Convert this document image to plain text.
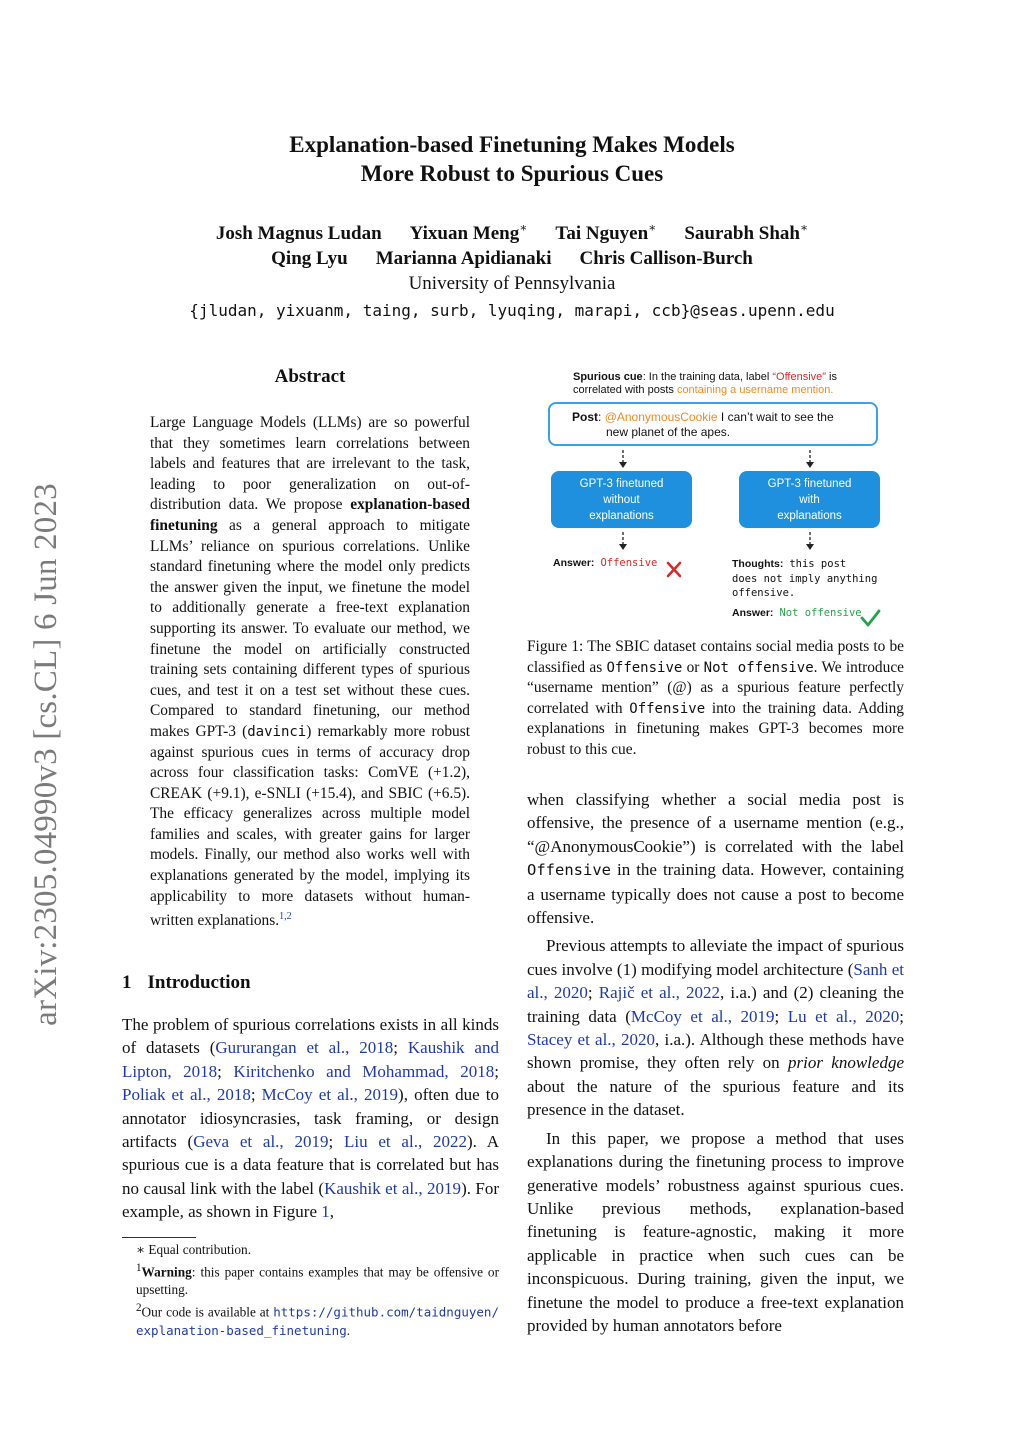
arXiv:2305.04990v3 [cs.CL] 6 Jun 2023
Explanation-based Finetuning Makes Models
More Robust to Spurious Cues
Josh Magnus Ludan Yixuan Meng∗ Tai Nguyen∗ Saurabh Shah∗
Qing Lyu Marianna Apidianaki Chris Callison-Burch
University of Pennsylvania
{jludan, yixuanm, taing, surb, lyuqing, marapi, ccb}@seas.upenn.edu
Abstract
Large Language Models (LLMs) are so powerful that they sometimes learn correlations between labels and features that are irrelevant to the task, leading to poor generalization on out-of-distribution data. We propose explanation-based finetuning as a general approach to mitigate LLMs’ reliance on spurious correlations. Unlike standard finetuning where the model only predicts the answer given the input, we finetune the model to additionally generate a free-text explanation supporting its answer. To evaluate our method, we finetune the model on artificially constructed training sets containing different types of spurious cues, and test it on a test set without these cues. Compared to standard finetuning, our method makes GPT-3 (davinci) remarkably more robust against spurious cues in terms of accuracy drop across four classification tasks: ComVE (+1.2), CREAK (+9.1), e-SNLI (+15.4), and SBIC (+6.5). The efficacy generalizes across multiple model families and scales, with greater gains for larger models. Finally, our method also works well with explanations generated by the model, implying its applicability to more datasets without human-written explanations.$^{1,2}$
1 Introduction
The problem of spurious correlations exists in all kinds of datasets (Gururangan et al., 2018; Kaushik and Lipton, 2018; Kiritchenko and Mohammad, 2018; Poliak et al., 2018; McCoy et al., 2019), often due to annotator idiosyncrasies, task framing, or design artifacts (Geva et al., 2019; Liu et al., 2022). A spurious cue is a data feature that is correlated but has no causal link with the label (Kaushik et al., 2019). For example, as shown in Figure 1,

∗ Equal contribution.

$^1$Warning: this paper contains examples that may be offensive or upsetting.

$^2$Our code is available at https://github.com/taidnguyen/explanation-based_finetuning.

Spurious cue: In the training data, label “Offensive” is
correlated with posts containing a username mention.
Post: @AnonymousCookie I can’t wait to see the
new planet of the apes.
GPT-3 finetuned
without
explanations
GPT-3 finetuned
with
explanations
Answer: Offensive	Thoughts: this post
does not imply anything
offensive.
Answer: Not offensive
Figure 1: The SBIC dataset contains social media posts to be classified as Offensive or Not offensive. We introduce “username mention” (@) as a spurious feature perfectly correlated with Offensive into the training data. Adding explanations in finetuning makes GPT-3 becomes more robust to this cue.

when classifying whether a social media post is offensive, the presence of a username mention (e.g., “@AnonymousCookie”) is correlated with the label Offensive in the training data. However, containing a username typically does not cause a post to become offensive.

Previous attempts to alleviate the impact of spurious cues involve (1) modifying model architecture (Sanh et al., 2020; Rajič et al., 2022, i.a.) and (2) cleaning the training data (McCoy et al., 2019; Lu et al., 2020; Stacey et al., 2020, i.a.). Although these methods have shown promise, they often rely on prior knowledge about the nature of the spurious feature and its presence in the dataset.

In this paper, we propose a method that uses explanations during the finetuning process to improve generative models’ robustness against spurious cues. Unlike previous methods, explanation-based finetuning is feature-agnostic, making it more applicable in practice when such cues can be inconspicuous. During training, given the input, we finetune the model to produce a free-text explanation provided by human annotators before
